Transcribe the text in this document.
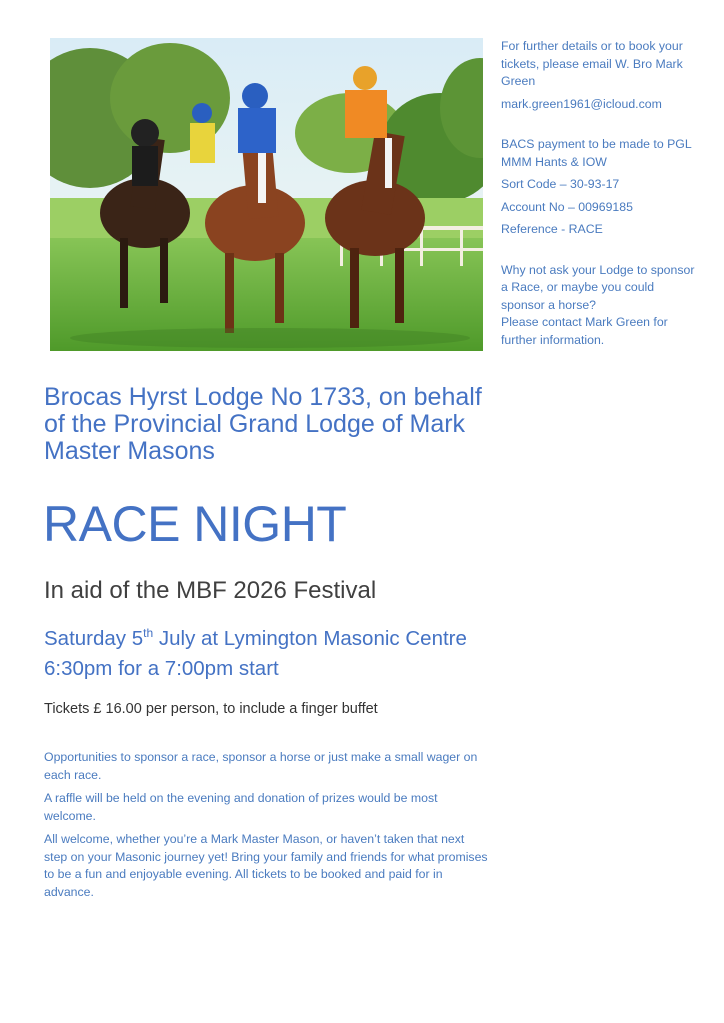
For further details or to book your tickets, please email W. Bro Mark Green

mark.green1961@icloud.com

BACS payment to be made to PGL MMM Hants & IOW

Sort Code – 30-93-17

Account No – 00969185

Reference - RACE

Why not ask your Lodge to sponsor a Race, or maybe you could sponsor a horse?

Please contact Mark Green for further information.

Brocas Hyrst Lodge No 1733, on behalf of the Provincial Grand Lodge of Mark Master Masons
RACE NIGHT
In aid of the MBF 2026 Festival
Saturday 5th July at Lymington Masonic Centre 6:30pm for a 7:00pm start
Tickets £ 16.00 per person, to include a finger buffet

Opportunities to sponsor a race, sponsor a horse or just make a small wager on each race.

A raffle will be held on the evening and donation of prizes would be most welcome.

All welcome, whether you’re a Mark Master Mason, or haven’t taken that next step on your Masonic journey yet! Bring your family and friends for what promises to be a fun and enjoyable evening. All tickets to be booked and paid for in advance.
